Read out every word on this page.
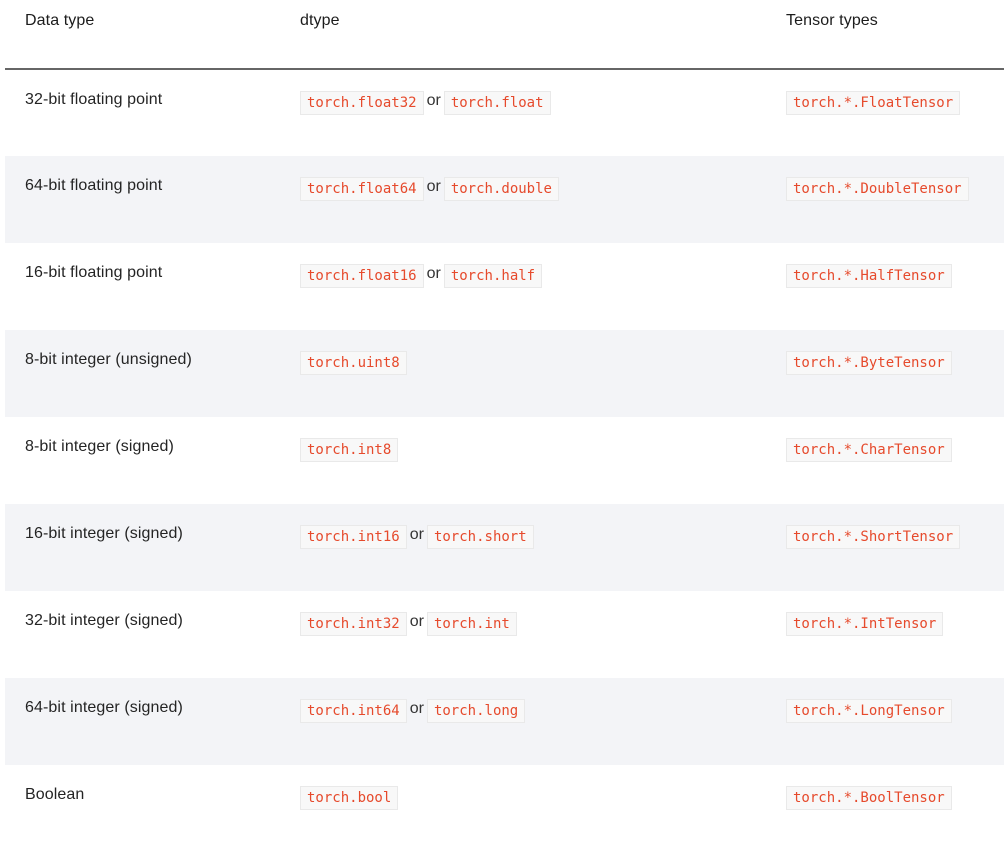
Data type	dtype	Tensor types
32-bit floating point	torch.float32 or torch.float	torch.*.FloatTensor
64-bit floating point	torch.float64 or torch.double	torch.*.DoubleTensor
16-bit floating point	torch.float16 or torch.half	torch.*.HalfTensor
8-bit integer (unsigned)	torch.uint8	torch.*.ByteTensor
8-bit integer (signed)	torch.int8	torch.*.CharTensor
16-bit integer (signed)	torch.int16 or torch.short	torch.*.ShortTensor
32-bit integer (signed)	torch.int32 or torch.int	torch.*.IntTensor
64-bit integer (signed)	torch.int64 or torch.long	torch.*.LongTensor
Boolean	torch.bool	torch.*.BoolTensor
